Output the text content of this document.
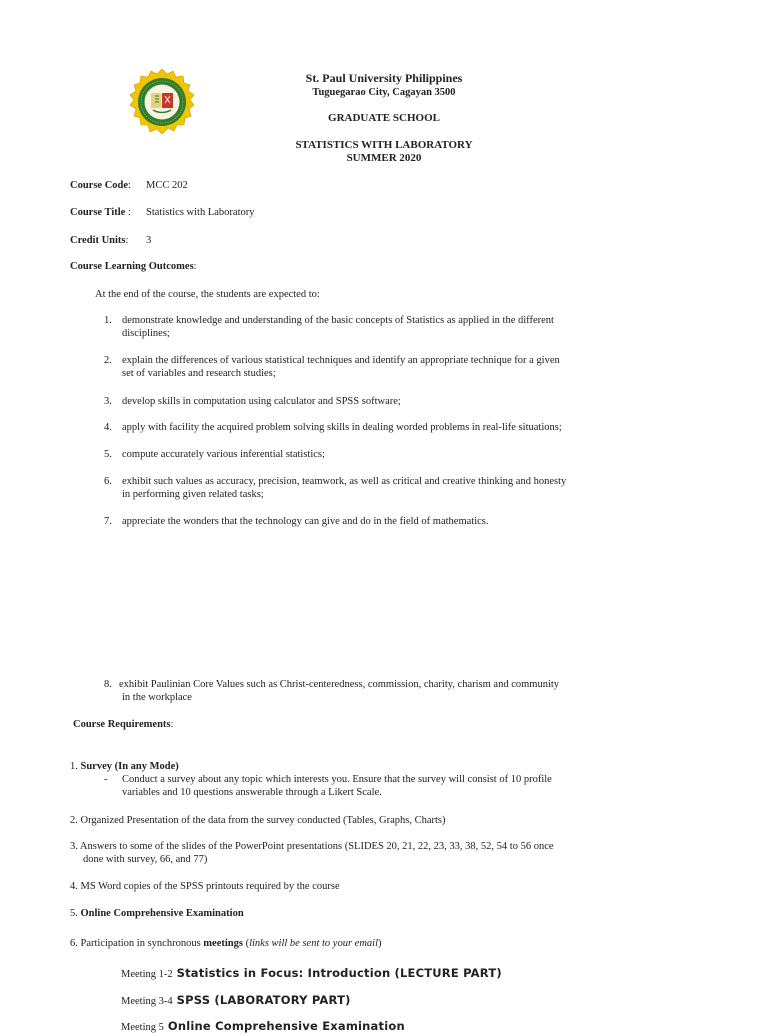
St. Paul University Philippines
Tuguegarao City, Cagayan 3500
GRADUATE SCHOOL
STATISTICS WITH LABORATORY
SUMMER 2020
Course Code: MCC 202
Course Title : Statistics with Laboratory
Credit Units: 3
Course Learning Outcomes:
At the end of the course, the students are expected to:
1. demonstrate knowledge and understanding of the basic concepts of Statistics as applied in the different
disciplines;
2. explain the differences of various statistical techniques and identify an appropriate technique for a given
set of variables and research studies;
3. develop skills in computation using calculator and SPSS software;
4. apply with facility the acquired problem solving skills in dealing worded problems in real-life situations;
5. compute accurately various inferential statistics;
6. exhibit such values as accuracy, precision, teamwork, as well as critical and creative thinking and honesty
in performing given related tasks;
7. appreciate the wonders that the technology can give and do in the field of mathematics.
8. exhibit Paulinian Core Values such as Christ-centeredness, commission, charity, charism and community
in the workplace
Course Requirements:
1. Survey (In any Mode)
- Conduct a survey about any topic which interests you. Ensure that the survey will consist of 10 profile
variables and 10 questions answerable through a Likert Scale.
2. Organized Presentation of the data from the survey conducted (Tables, Graphs, Charts)
3. Answers to some of the slides of the PowerPoint presentations (SLIDES 20, 21, 22, 23, 33, 38, 52, 54 to 56 once
done with survey, 66, and 77)
4. MS Word copies of the SPSS printouts required by the course
5. Online Comprehensive Examination
6. Participation in synchronous meetings (links will be sent to your email)
Meeting 1-2 Statistics in Focus: Introduction (LECTURE PART)
Meeting 3-4 SPSS (LABORATORY PART)
Meeting 5 Online Comprehensive Examination
